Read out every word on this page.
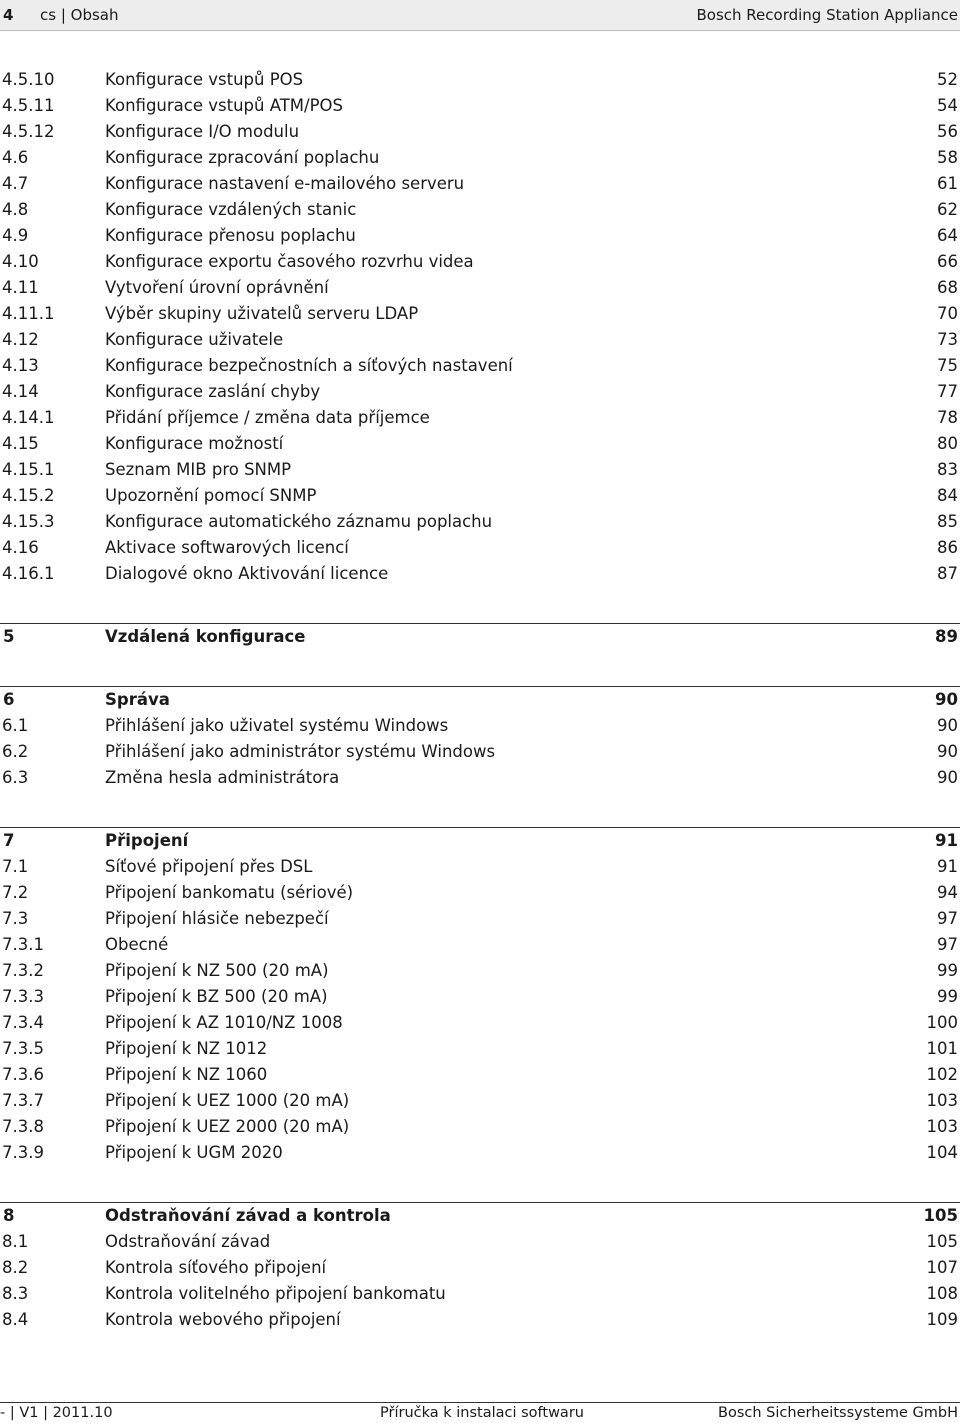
4 cs | Obsah	Bosch Recording Station Appliance
4.5.10	Konfigurace vstupů POS	52
4.5.11	Konfigurace vstupů ATM/POS	54
4.5.12	Konfigurace I/O modulu	56
4.6	Konfigurace zpracování poplachu	58
4.7	Konfigurace nastavení e-mailového serveru	61
4.8	Konfigurace vzdálených stanic	62
4.9	Konfigurace přenosu poplachu	64
4.10	Konfigurace exportu časového rozvrhu videa	66
4.11	Vytvoření úrovní oprávnění	68
4.11.1	Výběr skupiny uživatelů serveru LDAP	70
4.12	Konfigurace uživatele	73
4.13	Konfigurace bezpečnostních a síťových nastavení	75
4.14	Konfigurace zaslání chyby	77
4.14.1	Přidání příjemce / změna data příjemce	78
4.15	Konfigurace možností	80
4.15.1	Seznam MIB pro SNMP	83
4.15.2	Upozornění pomocí SNMP	84
4.15.3	Konfigurace automatického záznamu poplachu	85
4.16	Aktivace softwarových licencí	86
4.16.1	Dialogové okno Aktivování licence	87
5	Vzdálená konfigurace	89
6	Správa	90
6.1	Přihlášení jako uživatel systému Windows	90
6.2	Přihlášení jako administrátor systému Windows	90
6.3	Změna hesla administrátora	90
7	Připojení	91
7.1	Síťové připojení přes DSL	91
7.2	Připojení bankomatu (sériové)	94
7.3	Připojení hlásiče nebezpečí	97
7.3.1	Obecné	97
7.3.2	Připojení k NZ 500 (20 mA)	99
7.3.3	Připojení k BZ 500 (20 mA)	99
7.3.4	Připojení k AZ 1010/NZ 1008	100
7.3.5	Připojení k NZ 1012	101
7.3.6	Připojení k NZ 1060	102
7.3.7	Připojení k UEZ 1000 (20 mA)	103
7.3.8	Připojení k UEZ 2000 (20 mA)	103
7.3.9	Připojení k UGM 2020	104
8	Odstraňování závad a kontrola	105
8.1	Odstraňování závad	105
8.2	Kontrola síťového připojení	107
8.3	Kontrola volitelného připojení bankomatu	108
8.4	Kontrola webového připojení	109
- | V1 | 2011.10	Příručka k instalaci softwaru	Bosch Sicherheitssysteme GmbH
